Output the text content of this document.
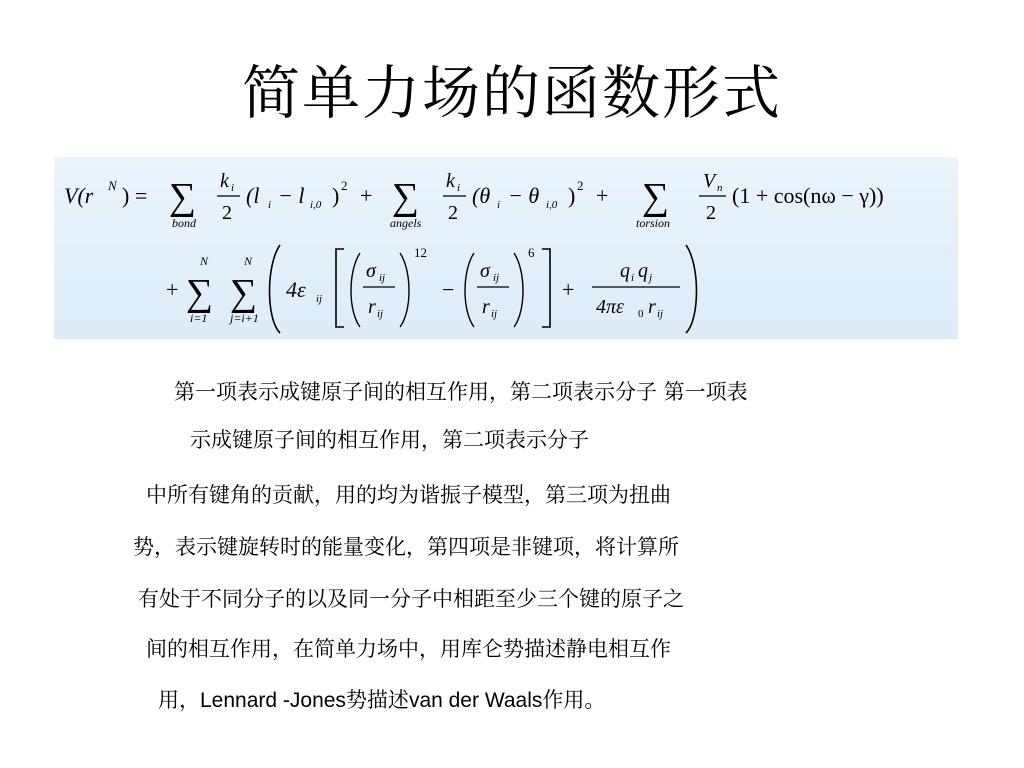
简单力场的函数形式
V(r N ) = ∑
bond
k i
2
(l i − l i,0 ) 2 + ∑
angels
k i
2
(θ i − θ i,0 ) 2 + ∑
torsion
V n
2
(1 + cos(nω − γ))
+ ∑
N
i=1
∑
N
j=i+1
4ε ij
σ ij
r ij
12
−
σ ij
r ij
6
+
q i q j
4πε 0 r ij
第一项表示成键原子间的相互作用，第二项表示分子 第一项表
示成键原子间的相互作用，第二项表示分子
中所有键角的贡献，用的均为谐振子模型，第三项为扭曲
势，表示键旋转时的能量变化，第四项是非键项，将计算所
有处于不同分子的以及同一分子中相距至少三个键的原子之
间的相互作用，在简单力场中，用库仑势描述静电相互作
用，Lennard -Jones势描述van der Waals作用。
